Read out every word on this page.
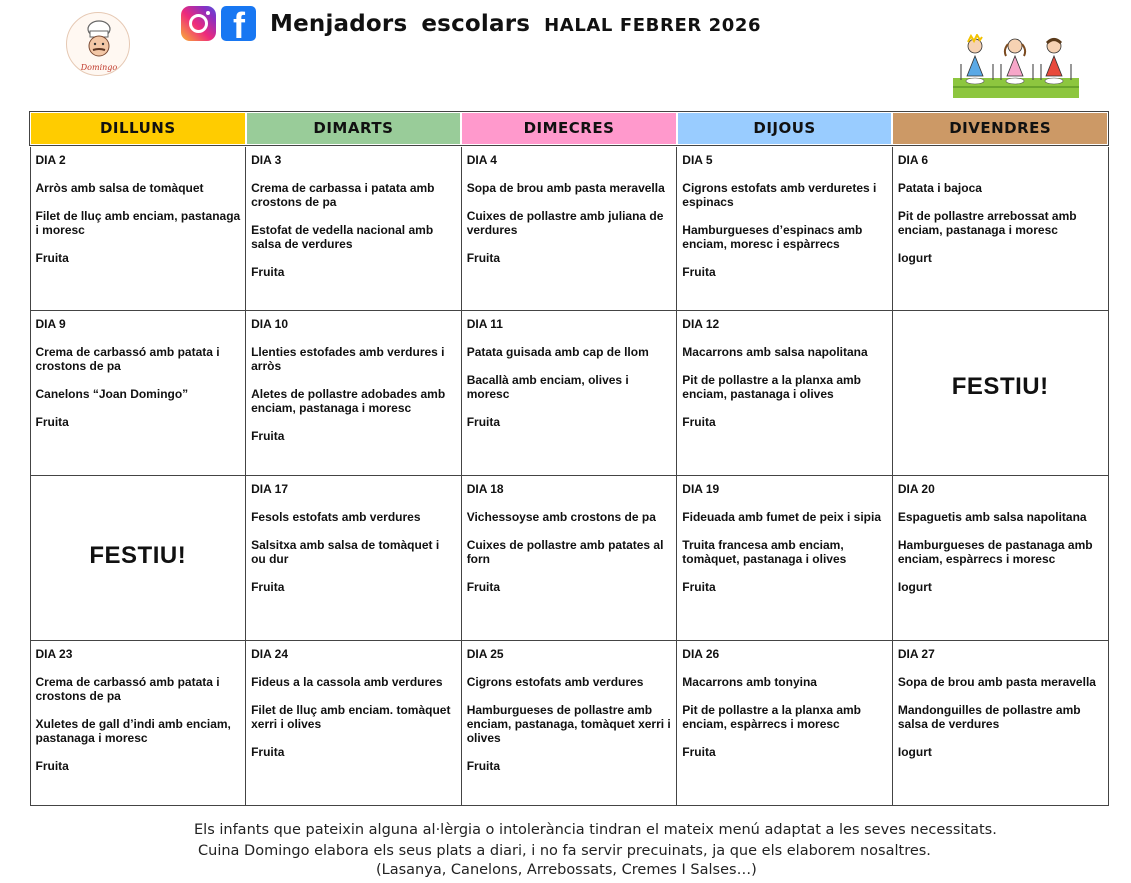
Domingo
f Menjadors escolars HALAL FEBRER 2026
DILLUNS	DIMARTS	DIMECRES	DIJOUS	DIVENDRES

DIA 2
Arròs amb salsa de tomàquet
Filet de lluç amb enciam, pastanaga i moresc
Fruita	DIA 3
Crema de carbassa i patata amb crostons de pa
Estofat de vedella nacional amb salsa de verdures
Fruita	DIA 4
Sopa de brou amb pasta meravella
Cuixes de pollastre amb juliana de verdures
Fruita	DIA 5
Cigrons estofats amb verduretes i espinacs
Hamburgueses d’espinacs amb enciam, moresc i espàrrecs
Fruita	DIA 6
Patata i bajoca
Pit de pollastre arrebossat amb enciam, pastanaga i moresc
Iogurt

DIA 9
Crema de carbassó amb patata i crostons de pa
Canelons “Joan Domingo”
Fruita	DIA 10
Llenties estofades amb verdures i arròs
Aletes de pollastre adobades amb enciam, pastanaga i moresc
Fruita	DIA 11
Patata guisada amb cap de llom
Bacallà amb enciam, olives i moresc
Fruita	DIA 12
Macarrons amb salsa napolitana
Pit de pollastre a la planxa amb enciam, pastanaga i olives
Fruita	FESTIU!
FESTIU!	DIA 17
Fesols estofats amb verdures
Salsitxa amb salsa de tomàquet i ou dur
Fruita	DIA 18
Vichessoyse amb crostons de pa
Cuixes de pollastre amb patates al forn
Fruita	DIA 19
Fideuada amb fumet de peix i sipia
Truita francesa amb enciam, tomàquet, pastanaga i olives
Fruita	DIA 20
Espaguetis amb salsa napolitana
Hamburgueses de pastanaga amb enciam, espàrrecs i moresc
Iogurt

DIA 23
Crema de carbassó amb patata i crostons de pa
Xuletes de gall d’indi amb enciam, pastanaga i moresc
Fruita	DIA 24
Fideus a la cassola amb verdures
Filet de lluç amb enciam. tomàquet xerri i olives
Fruita	DIA 25
Cigrons estofats amb verdures
Hamburgueses de pollastre amb enciam, pastanaga, tomàquet xerri i olives
Fruita	DIA 26
Macarrons amb tonyina
Pit de pollastre a la planxa amb enciam, espàrrecs i moresc
Fruita	DIA 27
Sopa de brou amb pasta meravella
Mandonguilles de pollastre amb salsa de verdures
Iogurt
Els infants que pateixin alguna al·lèrgia o intolerància tindran el mateix menú adaptat a les seves necessitats.
Cuina Domingo elabora els seus plats a diari, i no fa servir precuinats, ja que els elaborem nosaltres.
(Lasanya, Canelons, Arrebossats, Cremes I Salses…)
